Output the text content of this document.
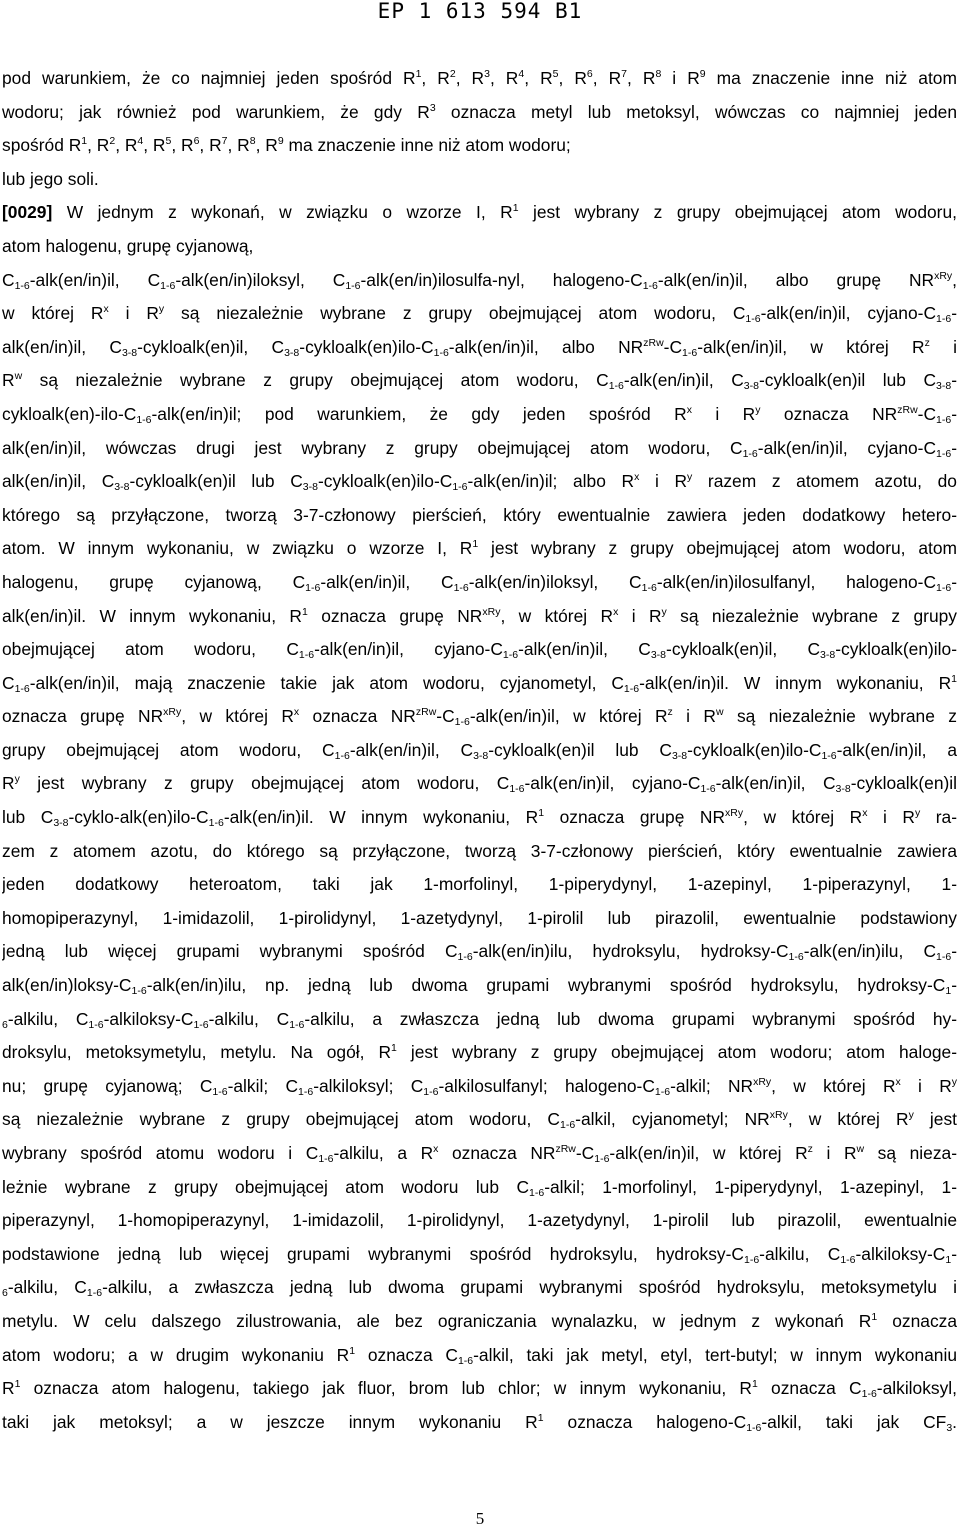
EP 1 613 594 B1
pod warunkiem, że co najmniej jeden spośród $R^1$, $R^2$, $R^3$, $R^4$, $R^5$, $R^6$, $R^7$, $R^8$ i $R^9$ ma znaczenie inne niż atom
wodoru; jak również pod warunkiem, że gdy $R^3$ oznacza metyl lub metoksyl, wówczas co najmniej jeden
spośród $R^1$, $R^2$, $R^4$, $R^5$, $R^6$, $R^7$, $R^8$, $R^9$ ma znaczenie inne niż atom wodoru;
lub jego soli.
[0029] W jednym z wykonań, w związku o wzorze I, $R^1$ jest wybrany z grupy obejmującej atom wodoru,
atom halogenu, grupę cyjanową,
$C_{1-6}-alk(en/in)il$, $C_{1-6}-alk(en/in)iloksyl$, $C_{1-6}-alk(en/in)ilosulfa$-nyl, halogeno-$C_{1-6}-alk(en/in)il$, albo grupę $NR^{xRy}$,
w której $R^x$ i $R^y$ są niezależnie wybrane z grupy obejmującej atom wodoru, $C_{1-6}-alk(en/in)il$, cyjano-$C_{1-6}-$
alk(en/in)il, $C_{3-8}-cykloalk(en)il$, $C_{3-8}-cykloalk(en)ilo-C_{1-6}-alk(en/in)il$, albo $NR^{zRw}-C_{1-6}-alk(en/in)il$, w której $R^z$ i
$R^w$ są niezależnie wybrane z grupy obejmującej atom wodoru, $C_{1-6}-alk(en/in)il$, $C_{3-8}-cykloalk(en)il$ lub $C_{3-8}-$
$cykloalk(en)-ilo-C_{1-6}-alk(en/in)il$; pod warunkiem, że gdy jeden spośród $R^x$ i $R^y$ oznacza $NR^{zRw}-C_{1-6}-$
alk(en/in)il, wówczas drugi jest wybrany z grupy obejmującej atom wodoru, $C_{1-6}-alk(en/in)il$, cyjano-$C_{1-6}-$
alk(en/in)il, $C_{3-8}-cykloalk(en)il$ lub $C_{3-8}-cykloalk(en)ilo-C_{1-6}-alk(en/in)il$; albo $R^x$ i $R^y$ razem z atomem azotu, do
którego są przyłączone, tworzą 3-7-członowy pierścień, który ewentualnie zawiera jeden dodatkowy hetero-
atom. W innym wykonaniu, w związku o wzorze I, $R^1$ jest wybrany z grupy obejmującej atom wodoru, atom
halogenu, grupę cyjanową, $C_{1-6}-alk(en/in)il$, $C_{1-6}-alk(en/in)iloksyl$, $C_{1-6}-alk(en/in)ilosulfanyl$, halogeno-$C_{1-6}-$
alk(en/in)il. W innym wykonaniu, $R^1$ oznacza grupę $NR^{xRy}$, w której $R^x$ i $R^y$ są niezależnie wybrane z grupy
obejmującej atom wodoru, $C_{1-6}-alk(en/in)il$, cyjano-$C_{1-6}-alk(en/in)il$, $C_{3-8}-cykloalk(en)il$, $C_{3-8}-cykloalk(en)ilo-$
$C_{1-6}-alk(en/in)il$, mają znaczenie takie jak atom wodoru, cyjanometyl, $C_{1-6}-alk(en/in)il$. W innym wykonaniu, $R^1$
oznacza grupę $NR^{xRy}$, w której $R^x$ oznacza $NR^{zRw}-C_{1-6}-alk(en/in)il$, w której $R^z$ i $R^w$ są niezależnie wybrane z
grupy obejmującej atom wodoru, $C_{1-6}-alk(en/in)il$, $C_{3-8}-cykloalk(en)il$ lub $C_{3-8}-cykloalk(en)ilo-C_{1-6}-alk(en/in)il$, a
$R^y$ jest wybrany z grupy obejmującej atom wodoru, $C_{1-6}-alk(en/in)il$, cyjano-$C_{1-6}-alk(en/in)il$, $C_{3-8}-cykloalk(en)il$
lub $C_{3-8}-cyklo-alk(en)ilo-C_{1-6}-alk(en/in)il$. W innym wykonaniu, $R^1$ oznacza grupę $NR^{xRy}$, w której $R^x$ i $R^y$ ra-
zem z atomem azotu, do którego są przyłączone, tworzą 3-7-członowy pierścień, który ewentualnie zawiera
jeden dodatkowy heteroatom, taki jak 1-morfolinyl, 1-piperydynyl, 1-azepinyl, 1-piperazynyl, 1-
homopiperazynyl, 1-imidazolil, 1-pirolidynyl, 1-azetydynyl, 1-pirolil lub pirazolil, ewentualnie podstawiony
jedną lub więcej grupami wybranymi spośród $C_{1-6}-alk(en/in)ilu$, hydroksylu, hydroksy-$C_{1-6}-alk(en/in)ilu$, $C_{1-6}-$
$alk(en/in)loksy-C_{1-6}-alk(en/in)ilu$, np. jedną lub dwoma grupami wybranymi spośród hydroksylu, hydroksy-$C_1-$
$_6$-alkilu, $C_{1-6}-alkiloksy-C_{1-6}$-alkilu, $C_{1-6}$-alkilu, a zwłaszcza jedną lub dwoma grupami wybranymi spośród hy-
droksylu, metoksymetylu, metylu. Na ogół, $R^1$ jest wybrany z grupy obejmującej atom wodoru; atom haloge-
nu; grupę cyjanową; $C_{1-6}$-alkil; $C_{1-6}$-alkiloksyl; $C_{1-6}$-alkilosulfanyl; halogeno-$C_{1-6}$-alkil; $NR^{xRy}$, w której $R^x$ i $R^y$
są niezależnie wybrane z grupy obejmującej atom wodoru, $C_{1-6}$-alkil, cyjanometyl; $NR^{xRy}$, w której $R^y$ jest
wybrany spośród atomu wodoru i $C_{1-6}$-alkilu, a $R^x$ oznacza $NR^{zRw}-C_{1-6}-alk(en/in)il$, w której $R^z$ i $R^w$ są nieza-
leżnie wybrane z grupy obejmującej atom wodoru lub $C_{1-6}$-alkil; 1-morfolinyl, 1-piperydynyl, 1-azepinyl, 1-
piperazynyl, 1-homopiperazynyl, 1-imidazolil, 1-pirolidynyl, 1-azetydynyl, 1-pirolil lub pirazolil, ewentualnie
podstawione jedną lub więcej grupami wybranymi spośród hydroksylu, hydroksy-$C_{1-6}$-alkilu, $C_{1-6}-alkiloksy-C_1-$
$_6$-alkilu, $C_{1-6}$-alkilu, a zwłaszcza jedną lub dwoma grupami wybranymi spośród hydroksylu, metoksymetylu i
metylu. W celu dalszego zilustrowania, ale bez ograniczania wynalazku, w jednym z wykonań $R^1$ oznacza
atom wodoru; a w drugim wykonaniu $R^1$ oznacza $C_{1-6}$-alkil, taki jak metyl, etyl, tert-butyl; w innym wykonaniu
$R^1$ oznacza atom halogenu, takiego jak fluor, brom lub chlor; w innym wykonaniu, $R^1$ oznacza $C_{1-6}$-alkiloksyl,
taki jak metoksyl; a w jeszcze innym wykonaniu $R^1$ oznacza halogeno-$C_{1-6}$-alkil, taki jak $CF_3$.
5
